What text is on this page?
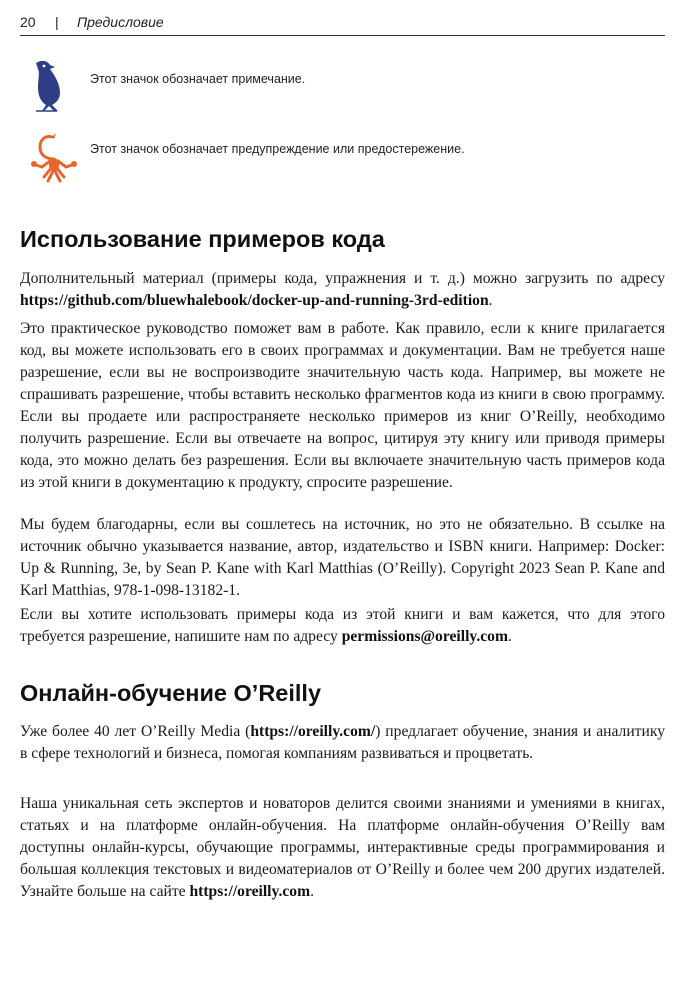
20 | Предисловие
Этот значок обозначает примечание.
Этот значок обозначает предупреждение или предостережение.
Использование примеров кода

Дополнительный материал (примеры кода, упражнения и т. д.) можно загрузить по адресу https://github.com/bluewhalebook/docker-up-and-running-3rd-edition.

Это практическое руководство поможет вам в работе. Как правило, если к книге прилагается код, вы можете использовать его в своих программах и документации. Вам не требуется наше разрешение, если вы не воспроизводите значительную часть кода. Например, вы можете не спрашивать разрешение, чтобы вставить несколько фрагментов кода из книги в свою программу. Если вы продаете или распространяете несколько примеров из книг O’Reilly, необходимо получить разрешение. Если вы отвечаете на вопрос, цитируя эту книгу или приводя примеры кода, это можно делать без разрешения. Если вы включаете значительную часть примеров кода из этой книги в документацию к продукту, спросите разрешение.

Мы будем благодарны, если вы сошлетесь на источник, но это не обязательно. В ссылке на источник обычно указывается название, автор, издательство и ISBN книги. Например: Docker: Up & Running, 3e, by Sean P. Kane with Karl Matthias (O’Reilly). Copyright 2023 Sean P. Kane and Karl Matthias, 978-1-098-13182-1.

Если вы хотите использовать примеры кода из этой книги и вам кажется, что для этого требуется разрешение, напишите нам по адресу permissions@oreilly.com.

Онлайн-обучение O’Reilly

Уже более 40 лет O’Reilly Media (https://oreilly.com/) предлагает обучение, знания и аналитику в сфере технологий и бизнеса, помогая компаниям развиваться и процветать.

Наша уникальная сеть экспертов и новаторов делится своими знаниями и умениями в книгах, статьях и на платформе онлайн-обучения. На платформе онлайн-обучения O’Reilly вам доступны онлайн-курсы, обучающие программы, интерактивные среды программирования и большая коллекция текстовых и видеоматериалов от O’Reilly и более чем 200 других издателей. Узнайте больше на сайте https://oreilly.com.
